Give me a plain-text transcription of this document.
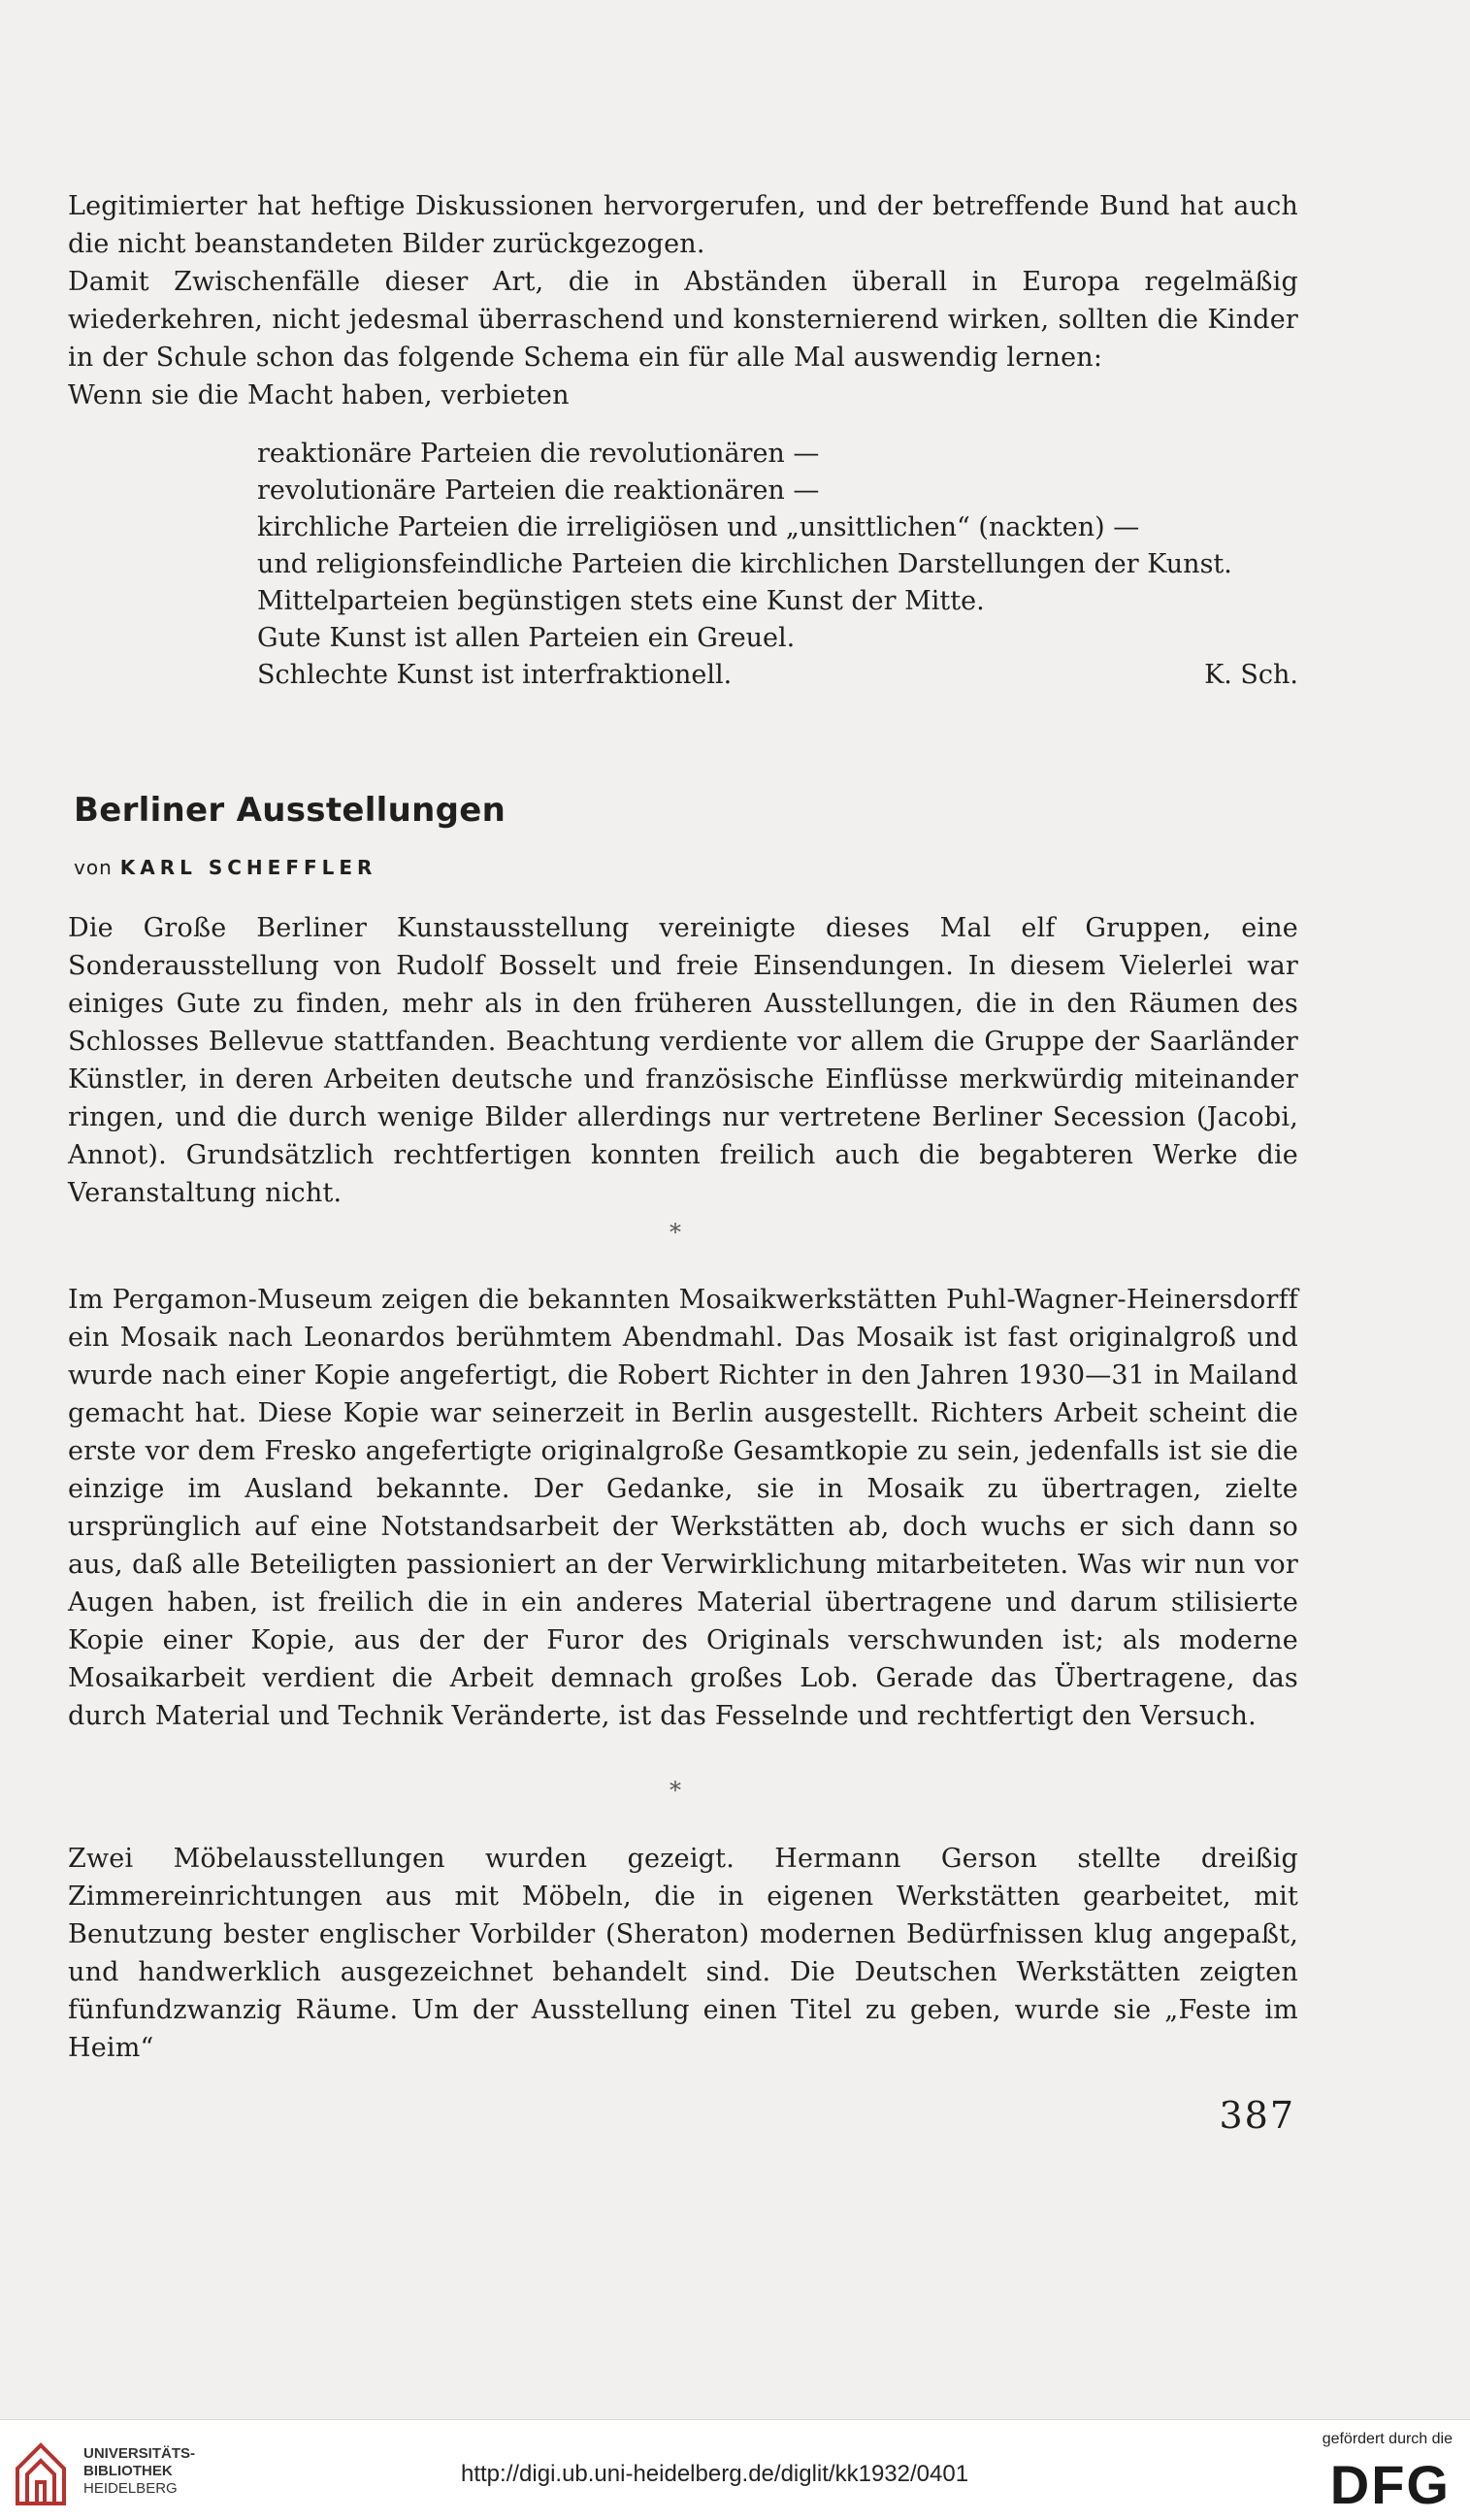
Legitimierter hat heftige Diskussionen hervorgerufen, und der betreffende Bund hat auch die nicht beanstandeten Bilder zurückgezogen.

Damit Zwischenfälle dieser Art, die in Abständen überall in Europa regelmäßig wiederkehren, nicht jedesmal überraschend und konsternierend wirken, sollten die Kinder in der Schule schon das folgende Schema ein für alle Mal auswendig lernen:

Wenn sie die Macht haben, verbieten

reaktionäre Parteien die revolutionären —

revolutionäre Parteien die reaktionären —

kirchliche Parteien die irreligiösen und „unsittlichen“ (nackten) —

und religionsfeindliche Parteien die kirchlichen Darstellungen der Kunst.

Mittelparteien begünstigen stets eine Kunst der Mitte.

Gute Kunst ist allen Parteien ein Greuel.

Schlechte Kunst ist interfraktionell.	K. Sch.
Berliner Ausstellungen
von KARL SCHEFFLER

Die Große Berliner Kunstausstellung vereinigte dieses Mal elf Gruppen, eine Sonderausstellung von Rudolf Bosselt und freie Einsendungen. In diesem Vielerlei war einiges Gute zu finden, mehr als in den früheren Ausstellungen, die in den Räumen des Schlosses Bellevue stattfanden. Beachtung verdiente vor allem die Gruppe der Saarländer Künstler, in deren Arbeiten deutsche und französische Einflüsse merkwürdig miteinander ringen, und die durch wenige Bilder allerdings nur vertretene Berliner Secession (Jacobi, Annot). Grundsätzlich rechtfertigen konnten freilich auch die begabteren Werke die Veranstaltung nicht.

*

Im Pergamon-Museum zeigen die bekannten Mosaikwerkstätten Puhl-Wagner-Heinersdorff ein Mosaik nach Leonardos berühmtem Abendmahl. Das Mosaik ist fast originalgroß und wurde nach einer Kopie angefertigt, die Robert Richter in den Jahren 1930—31 in Mailand gemacht hat. Diese Kopie war seinerzeit in Berlin ausgestellt. Richters Arbeit scheint die erste vor dem Fresko angefertigte originalgroße Gesamtkopie zu sein, jedenfalls ist sie die einzige im Ausland bekannte. Der Gedanke, sie in Mosaik zu übertragen, zielte ursprünglich auf eine Notstandsarbeit der Werkstätten ab, doch wuchs er sich dann so aus, daß alle Beteiligten passioniert an der Verwirklichung mitarbeiteten. Was wir nun vor Augen haben, ist freilich die in ein anderes Material übertragene und darum stilisierte Kopie einer Kopie, aus der der Furor des Originals verschwunden ist; als moderne Mosaikarbeit verdient die Arbeit demnach großes Lob. Gerade das Übertragene, das durch Material und Technik Veränderte, ist das Fesselnde und rechtfertigt den Versuch.

*

Zwei Möbelausstellungen wurden gezeigt. Hermann Gerson stellte dreißig Zimmereinrichtungen aus mit Möbeln, die in eigenen Werkstätten gearbeitet, mit Benutzung bester englischer Vorbilder (Sheraton) modernen Bedürfnissen klug angepaßt, und handwerklich ausgezeichnet behandelt sind. Die Deutschen Werkstätten zeigten fünfundzwanzig Räume. Um der Ausstellung einen Titel zu geben, wurde sie „Feste im Heim“

387
UNIVERSITÄTS-
BIBLIOTHEK
HEIDELBERG
http://digi.ub.uni-heidelberg.de/diglit/kk1932/0401
gefördert durch die
DFG
